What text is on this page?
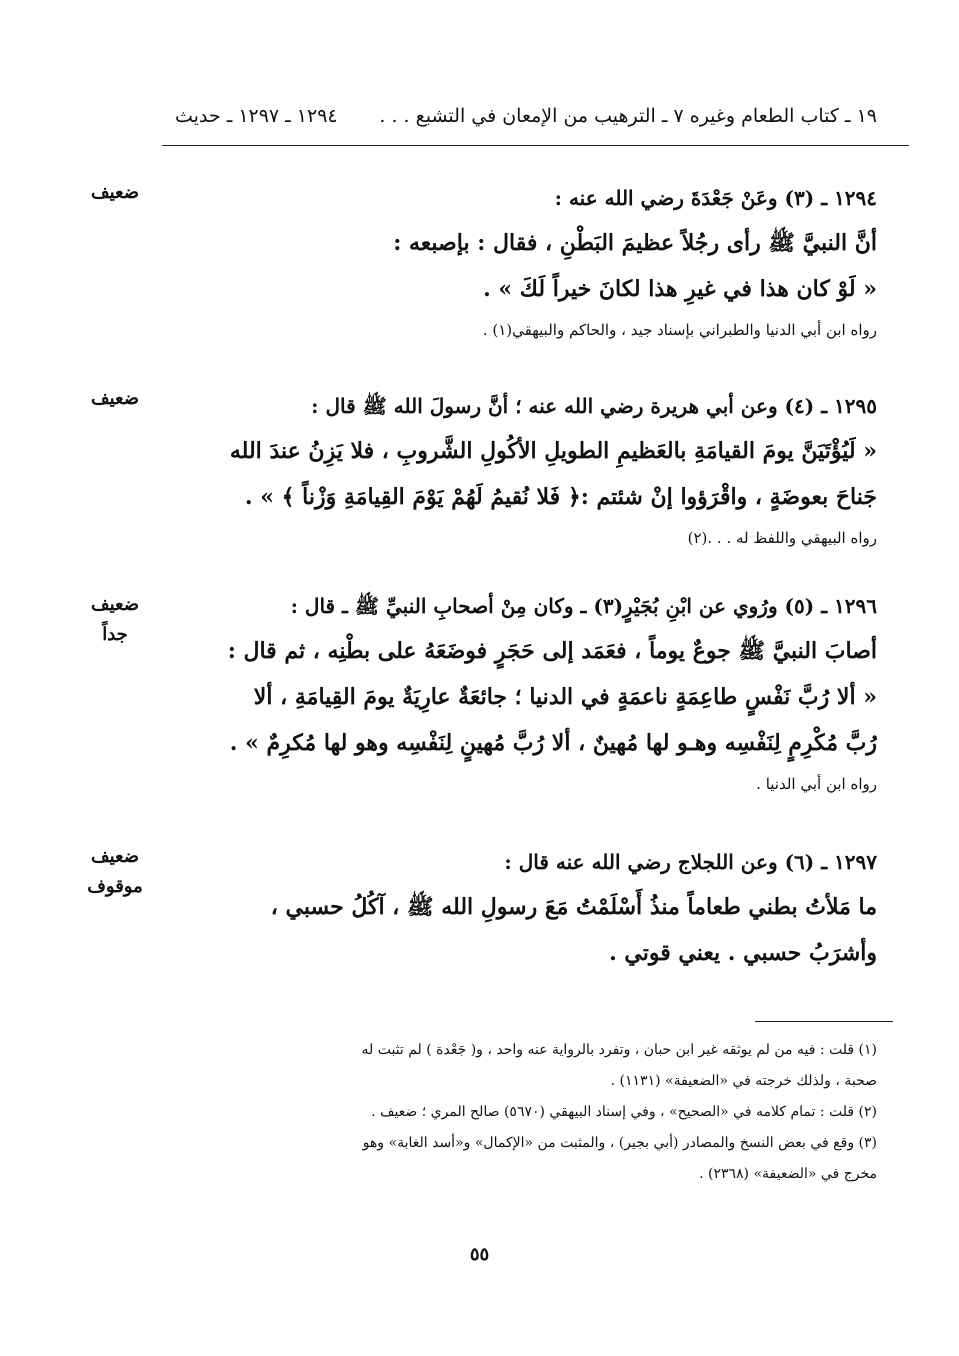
١٩ ـ كتاب الطعام وغيره ٧ ـ الترهيب من الإمعان في التشبع . . .
١٢٩٤ ـ ١٢٩٧ ـ حديث
ضعيف	١٢٩٤ ـ (٣) وعَنْ جَعْدَةَ رضي الله عنه :
أنَّ النبيَّ ﷺ رأى رجُلاً عظيمَ البَطْنِ ، فقال : بإصبعه :
« لَوْ كان هذا في غيرِ هذا لكانَ خيراً لَكَ » .
رواه ابن أبي الدنيا والطبراني بإسناد جيد ، والحاكم والبيهقي(١) .
ضعيف	١٢٩٥ ـ (٤) وعن أبي هريرة رضي الله عنه ؛ أنَّ رسولَ الله ﷺ قال :
« لَيُؤْتَيَنَّ يومَ القيامَةِ بالعَظيمِ الطويلِ الأكُولِ الشَّروبِ ، فلا يَزِنُ عندَ الله
جَناحَ بعوضَةٍ ، واقْرَؤوا إنْ شئتم :﴿ فَلا نُقيمُ لَهُمْ يَوْمَ القِيامَةِ وَزْناً ﴾ » .
رواه البيهقي واللفظ له . . .(٢)
ضعيف
جداً
١٢٩٦ ـ (٥) ورُوي عن ابْنِ بُجَيْرٍ(٣) ـ وكان مِنْ أصحابِ النبيِّ ﷺ ـ قال :
أصابَ النبيَّ ﷺ جوعٌ يوماً ، فعَمَد إلى حَجَرٍ فوضَعَهُ على بطْنِه ، ثم قال :
« ألا رُبَّ نَفْسٍ طاعِمَةٍ ناعمَةٍ في الدنيا ؛ جائعَةٌ عارِيَةٌ يومَ القِيامَةِ ، ألا
رُبَّ مُكْرِمٍ لِنَفْسِه وهـو لها مُهينٌ ، ألا رُبَّ مُهينٍ لِنَفْسِه وهو لها مُكرِمٌ » .
رواه ابن أبي الدنيا .
ضعيف
موقوف
١٢٩٧ ـ (٦) وعن اللجلاج رضي الله عنه قال :
ما مَلأتُ بطني طعاماً منذُ أَسْلَمْتُ مَعَ رسولِ الله ﷺ ، آكُلُ حسبي ،
وأشرَبُ حسبي . يعني قوتي .
(١) قلت : فيه من لم يوثقه غير ابن حبان ، وتفرد بالرواية عنه واحد ، و( جَعْدة ) لم تثبت له
صحبة ، ولذلك خرجته في «الضعيفة» (١١٣١) .
(٢) قلت : تمام كلامه في «الصحيح» ، وفي إسناد البيهقي (٥٦٧٠) صالح المري ؛ ضعيف .
(٣) وقع في بعض النسخ والمصادر (أبي بجير) ، والمثبت من «الإكمال» و«أسد الغابة» وهو
مخرج في «الضعيفة» (٢٣٦٨) .
٥٥
